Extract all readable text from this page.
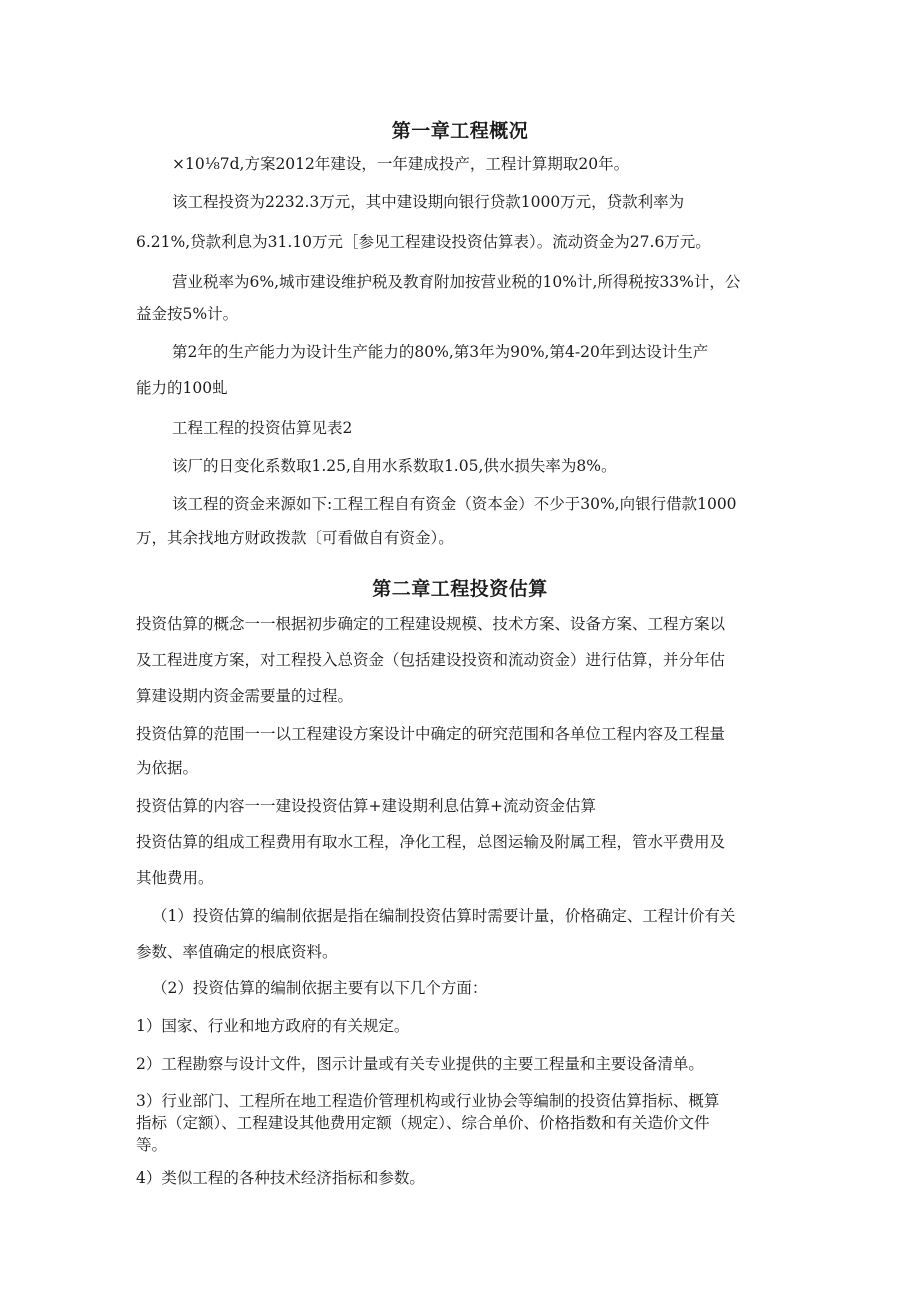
第一章工程概况

×10⅛7d,方案2012年建设，一年建成投产，工程计算期取20年。

该工程投资为2232.3万元，其中建设期向银行贷款1000万元，贷款利率为

6.21%,贷款利息为31.10万元［参见工程建设投资估算表）。流动资金为27.6万元。

营业税率为6%,城市建设维护税及教育附加按营业税的10%计,所得税按33%计，公

益金按5%计。

第2年的生产能力为设计生产能力的80%,第3年为90%,第4-20年到达设计生产

能力的100虬

工程工程的投资估算见表2

该厂的日变化系数取1.25,自用水系数取1.05,供水损失率为8%。

该工程的资金来源如下:工程工程自有资金（资本金）不少于30%,向银行借款1000

万，其余找地方财政拨款〔可看做自有资金）。

第二章工程投资估算

投资估算的概念一一根据初步确定的工程建设规模、技术方案、设备方案、工程方案以

及工程进度方案，对工程投入总资金（包括建设投资和流动资金）进行估算，并分年估

算建设期内资金需要量的过程。

投资估算的范围一一以工程建设方案设计中确定的研究范围和各单位工程内容及工程量

为依据。

投资估算的内容一一建设投资估算+建设期利息估算+流动资金估算

投资估算的组成工程费用有取水工程，净化工程，总图运输及附属工程，管水平费用及

其他费用。

（1）投资估算的编制依据是指在编制投资估算时需要计量，价格确定、工程计价有关

参数、率值确定的根底资料。

（2）投资估算的编制依据主要有以下几个方面：

1）国家、行业和地方政府的有关规定。

2）工程勘察与设计文件，图示计量或有关专业提供的主要工程量和主要设备清单。

3）行业部门、工程所在地工程造价管理机构或行业协会等编制的投资估算指标、概算

指标（定额）、工程建设其他费用定额（规定）、综合单价、价格指数和有关造价文件

等。

4）类似工程的各种技术经济指标和参数。
